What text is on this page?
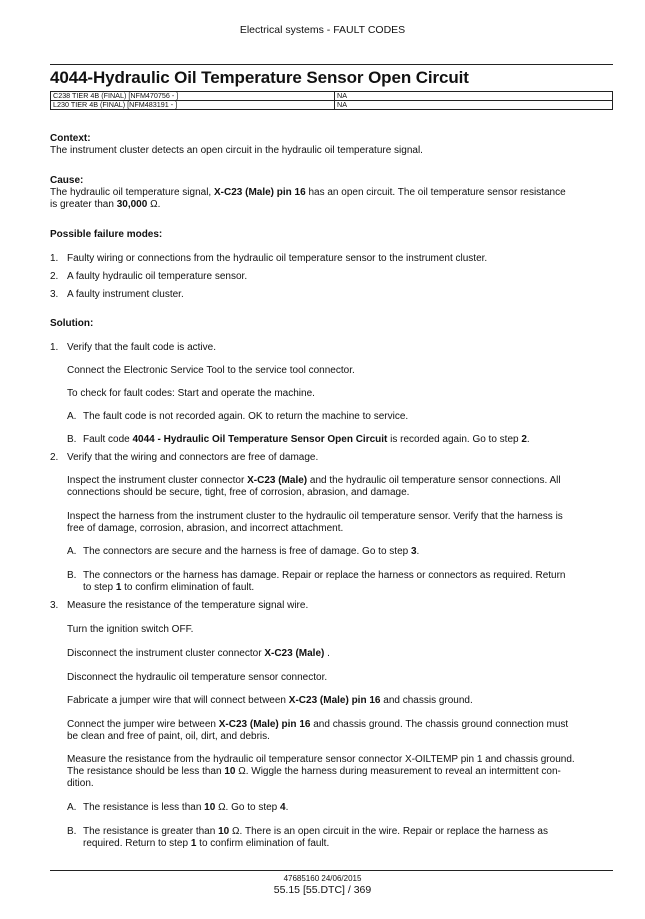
Electrical systems - FAULT CODES
4044-Hydraulic Oil Temperature Sensor Open Circuit
C238 TIER 4B (FINAL) [NFM470756 - ]	NA
L230 TIER 4B (FINAL) [NFM483191 - ]	NA

Context:

The instrument cluster detects an open circuit in the hydraulic oil temperature signal.

Cause:

The hydraulic oil temperature signal, X-C23 (Male) pin 16 has an open circuit. The oil temperature sensor resistance

is greater than 30,000 Ω.

Possible failure modes:

1. Faulty wiring or connections from the hydraulic oil temperature sensor to the instrument cluster.
2. A faulty hydraulic oil temperature sensor.
3. A faulty instrument cluster.

Solution:

1. Verify that the fault code is active.

Connect the Electronic Service Tool to the service tool connector.

To check for fault codes: Start and operate the machine.

A. The fault code is not recorded again. OK to return the machine to service.
B. Fault code 4044 - Hydraulic Oil Temperature Sensor Open Circuit is recorded again. Go to step 2.
2. Verify that the wiring and connectors are free of damage.

Inspect the instrument cluster connector X-C23 (Male) and the hydraulic oil temperature sensor connections. All

connections should be secure, tight, free of corrosion, abrasion, and damage.

Inspect the harness from the instrument cluster to the hydraulic oil temperature sensor. Verify that the harness is

free of damage, corrosion, abrasion, and incorrect attachment.

A. The connectors are secure and the harness is free of damage. Go to step 3.
B. The connectors or the harness has damage. Repair or replace the harness or connectors as required. Return

to step 1 to confirm elimination of fault.

3. Measure the resistance of the temperature signal wire.

Turn the ignition switch OFF.

Disconnect the instrument cluster connector X-C23 (Male) .

Disconnect the hydraulic oil temperature sensor connector.

Fabricate a jumper wire that will connect between X-C23 (Male) pin 16 and chassis ground.

Connect the jumper wire between X-C23 (Male) pin 16 and chassis ground. The chassis ground connection must

be clean and free of paint, oil, dirt, and debris.

Measure the resistance from the hydraulic oil temperature sensor connector X-OILTEMP pin 1 and chassis ground.

The resistance should be less than 10 Ω. Wiggle the harness during measurement to reveal an intermittent con-

dition.

A. The resistance is less than 10 Ω. Go to step 4.
B. The resistance is greater than 10 Ω. There is an open circuit in the wire. Repair or replace the harness as

required. Return to step 1 to confirm elimination of fault.

47685160 24/06/2015
55.15 [55.DTC] / 369
